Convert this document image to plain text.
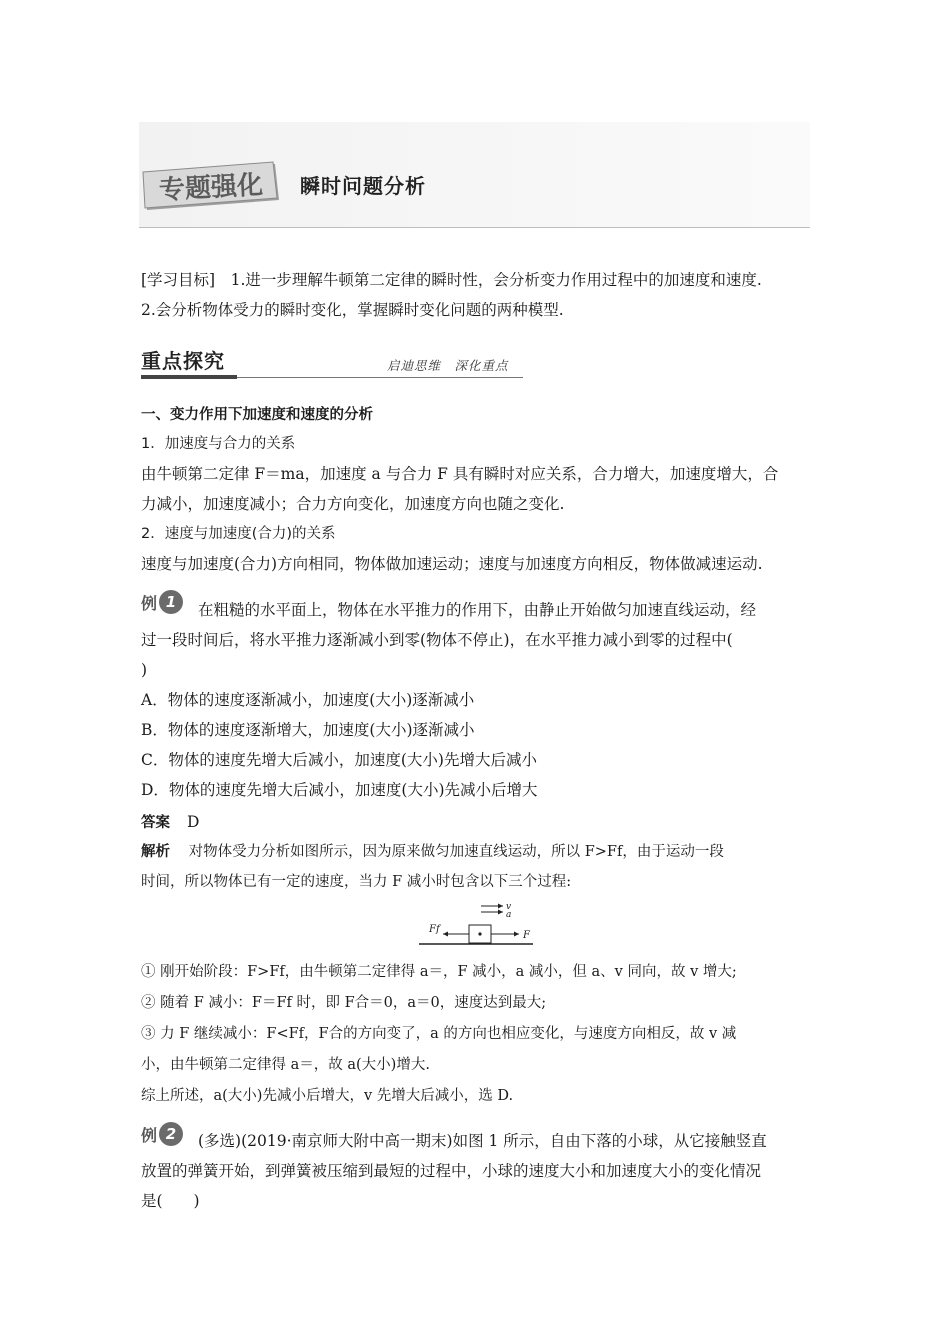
专题强化 瞬时问题分析
[学习目标]　1.进一步理解牛顿第二定律的瞬时性，会分析变力作用过程中的加速度和速度.
2.会分析物体受力的瞬时变化，掌握瞬时变化问题的两种模型.
重点探究	启迪思维　深化重点
一、变力作用下加速度和速度的分析
1．加速度与合力的关系
由牛顿第二定律 F＝ma，加速度 a 与合力 F 具有瞬时对应关系，合力增大，加速度增大，合
力减小，加速度减小；合力方向变化，加速度方向也随之变化.
2．速度与加速度(合力)的关系
速度与加速度(合力)方向相同，物体做加速运动；速度与加速度方向相反，物体做减速运动.
例 1	在粗糙的水平面上，物体在水平推力的作用下，由静止开始做匀加速直线运动，经
过一段时间后，将水平推力逐渐减小到零(物体不停止)，在水平推力减小到零的过程中(
)
A．物体的速度逐渐减小，加速度(大小)逐渐减小
B．物体的速度逐渐增大，加速度(大小)逐渐减小
C．物体的速度先增大后减小，加速度(大小)先增大后减小
D．物体的速度先增大后减小，加速度(大小)先减小后增大
答案 D
解析 对物体受力分析如图所示，因为原来做匀加速直线运动，所以 F>Ff，由于运动一段
时间，所以物体已有一定的速度，当力 F 减小时包含以下三个过程:
v
a
Ff
F
① 刚开始阶段：F>Ff，由牛顿第二定律得 a＝，F 减小，a 减小，但 a、v 同向，故 v 增大;
② 随着 F 减小：F＝Ff 时，即 F合＝0，a＝0，速度达到最大;
③ 力 F 继续减小：F<Ff，F合的方向变了，a 的方向也相应变化，与速度方向相反，故 v 减
小，由牛顿第二定律得 a＝，故 a(大小)增大.
综上所述，a(大小)先减小后增大，v 先增大后减小，选 D.
例 2	(多选)(2019·南京师大附中高一期末)如图 1 所示，自由下落的小球，从它接触竖直
放置的弹簧开始，到弹簧被压缩到最短的过程中，小球的速度大小和加速度大小的变化情况
是(　　)
